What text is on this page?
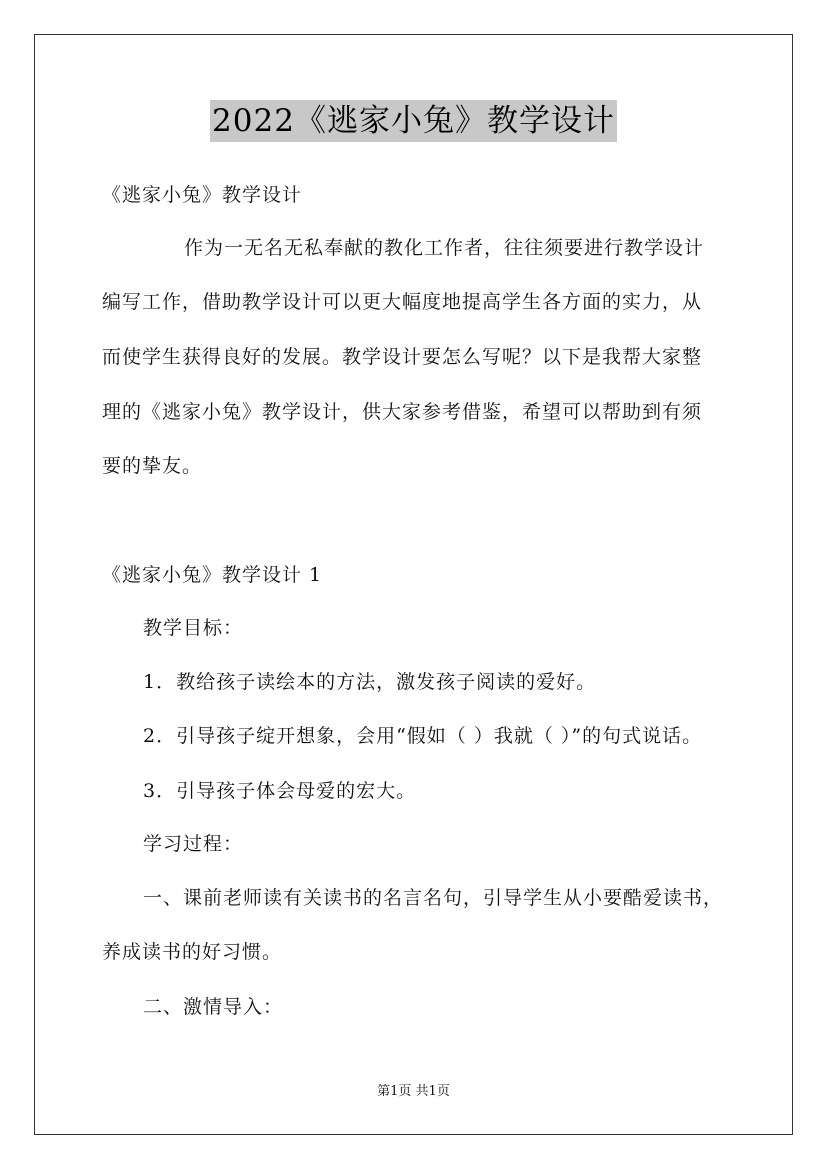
2022《逃家小兔》教学设计
《逃家小兔》教学设计
作为一无名无私奉献的教化工作者，往往须要进行教学设计
编写工作，借助教学设计可以更大幅度地提高学生各方面的实力，从
而使学生获得良好的发展。教学设计要怎么写呢？以下是我帮大家整
理的《逃家小兔》教学设计，供大家参考借鉴，希望可以帮助到有须
要的挚友。
《逃家小兔》教学设计 1
教学目标：
1．教给孩子读绘本的方法，激发孩子阅读的爱好。
2．引导孩子绽开想象，会用“假如（ ）我就（ ）”的句式说话。
3．引导孩子体会母爱的宏大。
学习过程：
一、课前老师读有关读书的名言名句，引导学生从小要酷爱读书，
养成读书的好习惯。
二、激情导入：
第1页 共1页
